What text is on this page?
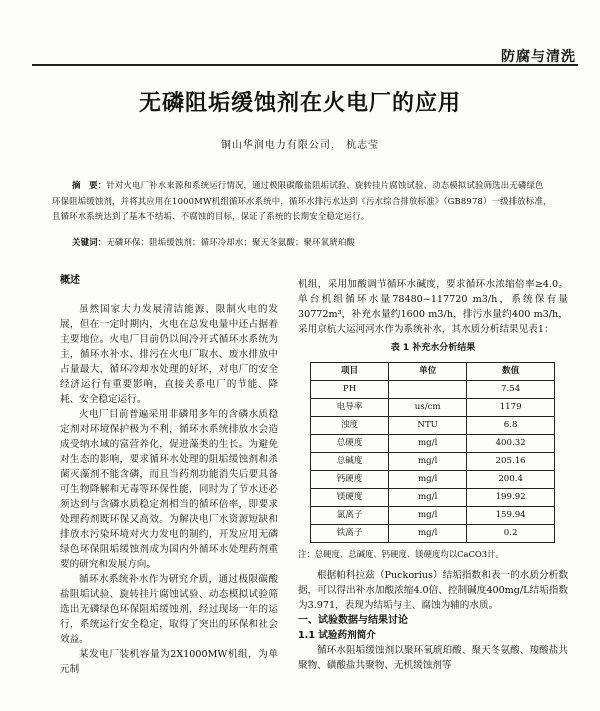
防腐与清洗
无磷阻垢缓蚀剂在火电厂的应用
铜山华润电力有限公司， 杭志莹
摘　要：针对火电厂补水来源和系统运行情况，通过极限碳酸盐阻垢试验、旋转挂片腐蚀试验、动态模拟试验筛选出无磷绿色环保阻垢缓蚀剂，并将其应用在1000MW机组循环水系统中，循环水排污水达到《污水综合排放标准》（GB8978）一级排放标准，且循环水系统达到了基本不结垢、不腐蚀的目标，保证了系统的长期安全稳定运行。
关键词：无磷环保；阻垢缓蚀剂；循环冷却水；聚天冬氨酸；聚环氧琥珀酸
概述

虽然国家大力发展清洁能源、限制火电的发展，但在一定时期内，火电在总发电量中还占据着主要地位。火电厂目前仍以间冷开式循环水系统为主，循环水补水、排污在火电厂取水、废水排放中占量最大，循环冷却水处理的好坏，对电厂的安全经济运行有重要影响，直接关系电厂的节能、降耗、安全稳定运行。

火电厂目前普遍采用非磷用多年的含磷水质稳定剂对环境保护极为不利，循环水系统排放水会造成受纳水域的富营养化，促进藻类的生长。为避免对生态的影响，要求循环水处理的阻垢缓蚀剂和杀菌灭藻剂不能含磷，而且当药剂功能消失后要具备可生物降解和无毒等环保性能，同时为了节水还必须达到与含磷水质稳定剂相当的循环倍率，即要求处理药剂既环保又高效。为解决电厂水资源短缺和排放水污染环境对火力发电的制约，开发应用无磷绿色环保阻垢缓蚀剂成为国内外循环水处理药剂重要的研究和发展方向。

循环水系统补水作为研究介质，通过极限碳酸盐阻垢试验、旋转挂片腐蚀试验、动态模拟试验筛选出无磷绿色环保阻垢缓蚀剂，经过现场一年的运行，系统运行安全稳定，取得了突出的环保和社会效益。

某发电厂装机容量为2X1000MW机组，为单元制

机组，采用加酸调节循环水碱度，要求循环水浓缩倍率≥4.0。单台机组循环水量78480~117720 m3/h，系统保有量30772m³，补充水量约1600 m3/h，排污水量约400 m3/h，采用京杭大运河河水作为系统补水，其水质分析结果见表1：

表 1 补充水分析结果
项目	单位	数值
PH		7.54
电导率	us/cm	1179
浊度	NTU	6.8
总硬度	mg/l	400.32
总碱度	mg/l	205.16
钙硬度	mg/l	200.4
镁硬度	mg/l	199.92
氯离子	mg/l	159.94
铁离子	mg/l	0.2
注：总硬度、总碱度、钙硬度、镁硬度均以CaCO3计。

根据帕科拉兹（Puckorius）结垢指数和表一的水质分析数据，可以得出补水加酸浓缩4.0倍、控制碱度400mg/L结垢指数为3.971，表现为结垢与主、腐蚀为辅的水质。

一、试验数据与结果讨论

1.1 试验药剂简介

循环水阻垢缓蚀剂以聚环氧琥珀酸、聚天冬氨酸、羧酸盐共聚物、磺酸盐共聚物、无机缓蚀剂等
